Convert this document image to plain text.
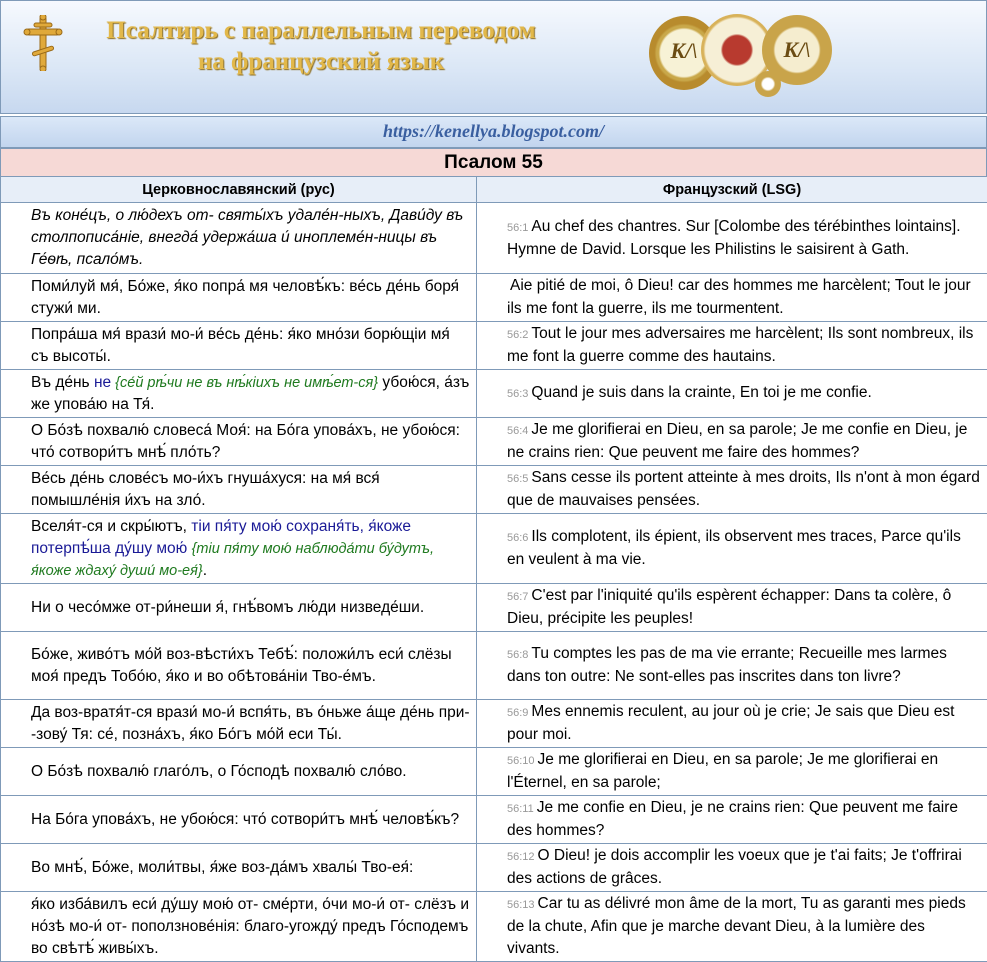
Псалтирь с параллельным переводом
на французский язык	K/\	K/\
https://kenellya.blogspot.com/
Псалом 55
Церковнославянский (рус)	Французский (LSG)
Въ коне́цъ, о лю́дехъ от- святы́хъ удале́н-ныхъ, Дави́ду въ столпописа́ніе, внегда́ удержа́ша и́ иноплеме́н-ницы въ Ге́ѳѣ, псало́мъ.	56:1 Au chef des chantres. Sur [Colombe des térébinthes lointains]. Hymne de David. Lorsque les Philistins le saisirent à Gath.
Поми́луй мя́, Бо́же, я́ко попра́ мя человѣ́къ: ве́сь де́нь боря́ стужи́ ми.	Aie pitié de moi, ô Dieu! car des hommes me harcèlent; Tout le jour ils me font la guerre, ils me tourmentent.
Попра́ша мя́ врази́ мо-и́ ве́сь де́нь: я́ко мно́зи борю́щіи мя́ съ высоты́.	56:2 Tout le jour mes adversaires me harcèlent; Ils sont nombreux, ils me font la guerre comme des hautains.
Въ де́нь не {се́й рѣ́чи не въ нѣ́кіихъ не имѣ́ет-ся} убою́ся, а́зъ же упова́ю на Тя́.	56:3 Quand je suis dans la crainte, En toi je me confie.
О Бо́зѣ похвалю́ словеса́ Моя́: на Бо́га упова́хъ, не убою́ся: что́ сотвори́тъ мнѣ́ пло́ть?	56:4 Je me glorifierai en Dieu, en sa parole; Je me confie en Dieu, je ne crains rien: Que peuvent me faire des hommes?
Ве́сь де́нь слове́съ мо-и́хъ гнуша́хуся: на мя́ вся́ помышле́нія и́хъ на зло́.	56:5 Sans cesse ils portent atteinte à mes droits, Ils n'ont à mon égard que de mauvaises pensées.
Вселя́т-ся и скры́ютъ, тіи пя́ту мою́ сохраня́ть, я́коже потерпѣ́ша ду́шу мою́ {тіи пя́ту мою́ наблюда́ти бу́дутъ, я́коже ждаху́ души́ мо-ея́}.	56:6 Ils complotent, ils épient, ils observent mes traces, Parce qu'ils en veulent à ma vie.
Ни о чесо́мже от-ри́неши я́, гнѣ́вомъ лю́ди низведе́ши.	56:7 C'est par l'iniquité qu'ils espèrent échapper: Dans ta colère, ô Dieu, précipite les peuples!
Бо́же, живо́тъ мо́й воз-вѣсти́хъ Тебѣ́: положи́лъ еси́ слёзы моя́ предъ Тобо́ю, я́ко и во обѣтова́ніи Тво-е́мъ.	56:8 Tu comptes les pas de ma vie errante; Recueille mes larmes dans ton outre: Ne sont-elles pas inscrites dans ton livre?
Да воз-вратя́т-ся врази́ мо-и́ вспя́ть, въ о́ньже а́ще де́нь при--зову́ Тя: се́, позна́хъ, я́ко Бо́гъ мо́й еси Ты́.	56:9 Mes ennemis reculent, au jour où je crie; Je sais que Dieu est pour moi.
О Бо́зѣ похвалю́ глаго́лъ, о Го́сподѣ похвалю́ сло́во.	56:10 Je me glorifierai en Dieu, en sa parole; Je me glorifierai en l'Éternel, en sa parole;
На Бо́га упова́хъ, не убою́ся: что́ сотвори́тъ мнѣ́ человѣ́къ?	56:11 Je me confie en Dieu, je ne crains rien: Que peuvent me faire des hommes?
Во мнѣ́, Бо́же, моли́твы, я́же воз-да́мъ хвалы́ Тво-ея́:	56:12 O Dieu! je dois accomplir les voeux que je t'ai faits; Je t'offrirai des actions de grâces.
я́ко изба́вилъ еси́ ду́шу мою́ от- сме́рти, о́чи мо-и́ от- слёзъ и но́зѣ мо-и́ от- поползнове́нія: благо-угожду́ предъ Го́сподемъ во свѣтѣ́ живы́хъ.	56:13 Car tu as délivré mon âme de la mort, Tu as garanti mes pieds de la chute, Afin que je marche devant Dieu, à la lumière des vivants.
